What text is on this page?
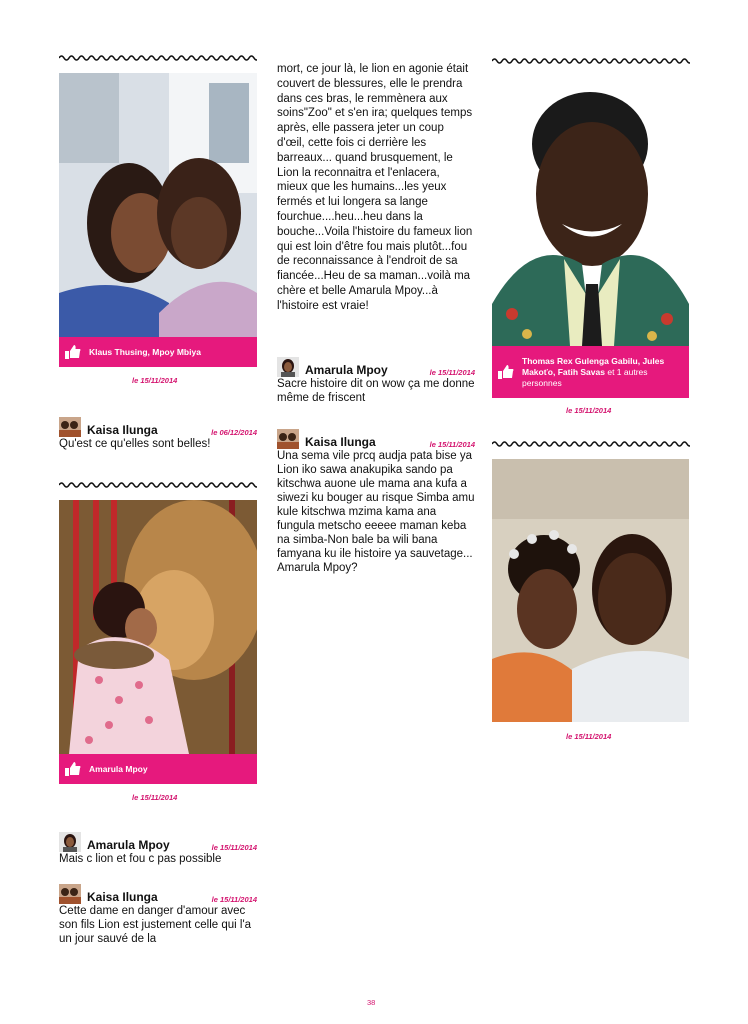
Klaus Thusing, Mpoy Mbiya
le 15/11/2014
Kaisa Ilunga	le 06/12/2014
Qu'est ce qu'elles sont belles!
Amarula Mpoy
le 15/11/2014
Amarula Mpoy	le 15/11/2014
Mais c lion et fou c pas possible
Kaisa Ilunga	le 15/11/2014
Cette dame en danger d'amour avec son fils Lion est justement celle qui l'a un jour sauvé de la
mort, ce jour là, le lion en agonie était couvert de blessures, elle le prendra dans ces bras, le remmènera aux soins"Zoo" et s'en ira; quelques temps après, elle passera jeter un coup d'œil, cette fois ci derrière les barreaux... quand brusquement, le Lion la reconnaitra et l'enlacera, mieux que les humains...les yeux fermés et lui longera sa lange fourchue....heu...heu dans la bouche...Voila l'histoire du fameux lion qui est loin d'être fou mais plutôt...fou de reconnaissance à l'endroit de sa fiancée...Heu de sa maman...voilà ma chère et belle Amarula Mpoy...à l'histoire est vraie!
Amarula Mpoy	le 15/11/2014
Sacre histoire dit on wow ça me donne même de friscent
Kaisa Ilunga	le 15/11/2014
Una sema vile prcq audja pata bise ya Lion iko sawa anakupika sando pa kitschwa auone ule mama ana kufa a siwezi ku bouger au risque Simba amu kule kitschwa mzima kama ana fungula metscho eeeee maman keba na simba-Non bale ba wili bana famyana ku ile histoire ya sauvetage... Amarula Mpoy?
Thomas Rex Gulenga Gabilu, Jules Makoťo, Fatih Savas et 1 autres personnes
le 15/11/2014
le 15/11/2014
38
